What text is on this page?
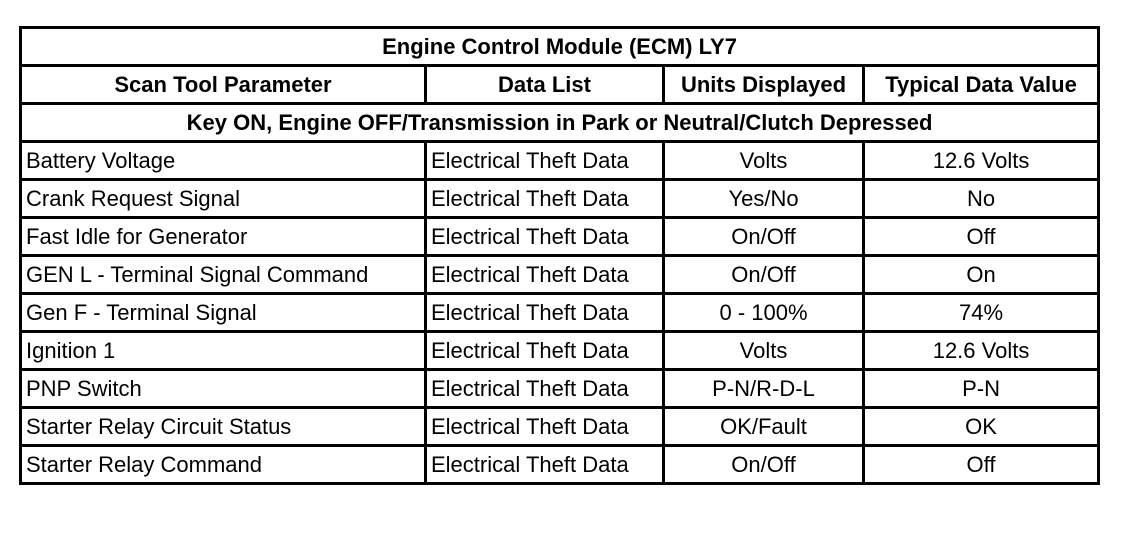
Engine Control Module (ECM) LY7			
Scan Tool Parameter	Data List	Units Displayed	Typical Data Value
Key ON, Engine OFF/Transmission in Park or Neutral/Clutch Depressed			
Battery Voltage	Electrical Theft Data	Volts	12.6 Volts
Crank Request Signal	Electrical Theft Data	Yes/No	No
Fast Idle for Generator	Electrical Theft Data	On/Off	Off
GEN L - Terminal Signal Command	Electrical Theft Data	On/Off	On
Gen F - Terminal Signal	Electrical Theft Data	0 - 100%	74%
Ignition 1	Electrical Theft Data	Volts	12.6 Volts
PNP Switch	Electrical Theft Data	P-N/R-D-L	P-N
Starter Relay Circuit Status	Electrical Theft Data	OK/Fault	OK
Starter Relay Command	Electrical Theft Data	On/Off	Off
